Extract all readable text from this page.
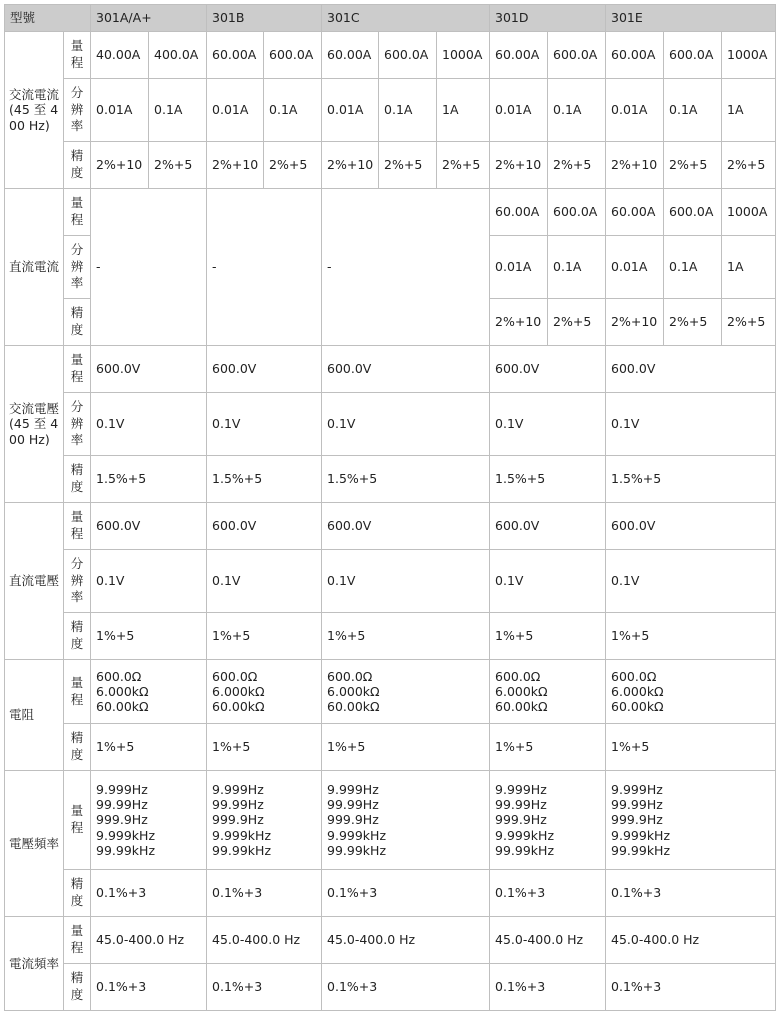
型號		301A/A+		301B		301C			301D		301E		
交流電流 (45 至 400 Hz)	量程	40.00A	400.0A	60.00A	600.0A	60.00A	600.0A	1000A	60.00A	600.0A	60.00A	600.0A	1000A
	分辨率	0.01A	0.1A	0.01A	0.1A	0.01A	0.1A	1A	0.01A	0.1A	0.01A	0.1A	1A
	精度	2%+10	2%+5	2%+10	2%+5	2%+10	2%+5	2%+5	2%+10	2%+5	2%+10	2%+5	2%+5
直流電流	量程	-		-		-			60.00A	600.0A	60.00A	600.0A	1000A
	分辨率								0.01A	0.1A	0.01A	0.1A	1A
	精度								2%+10	2%+5	2%+10	2%+5	2%+5
交流電壓 (45 至 400 Hz)	量程	600.0V		600.0V		600.0V			600.0V		600.0V		
	分辨率	0.1V		0.1V		0.1V			0.1V		0.1V		
	精度	1.5%+5		1.5%+5		1.5%+5			1.5%+5		1.5%+5		
直流電壓	量程	600.0V		600.0V		600.0V			600.0V		600.0V		
	分辨率	0.1V		0.1V		0.1V			0.1V		0.1V		
	精度	1%+5		1%+5		1%+5			1%+5		1%+5		
電阻	量程	600.0Ω
6.000kΩ
60.00kΩ		600.0Ω
6.000kΩ
60.00kΩ		600.0Ω
6.000kΩ
60.00kΩ			600.0Ω
6.000kΩ
60.00kΩ		600.0Ω
6.000kΩ
60.00kΩ		
	精度	1%+5		1%+5		1%+5			1%+5		1%+5		
電壓頻率	量程	9.999Hz
99.99Hz
999.9Hz
9.999kHz
99.99kHz		9.999Hz
99.99Hz
999.9Hz
9.999kHz
99.99kHz		9.999Hz
99.99Hz
999.9Hz
9.999kHz
99.99kHz			9.999Hz
99.99Hz
999.9Hz
9.999kHz
99.99kHz		9.999Hz
99.99Hz
999.9Hz
9.999kHz
99.99kHz		
	精度	0.1%+3		0.1%+3		0.1%+3			0.1%+3		0.1%+3		
電流頻率	量程	45.0-400.0 Hz		45.0-400.0 Hz		45.0-400.0 Hz			45.0-400.0 Hz		45.0-400.0 Hz		
	精度	0.1%+3		0.1%+3		0.1%+3			0.1%+3		0.1%+3		
